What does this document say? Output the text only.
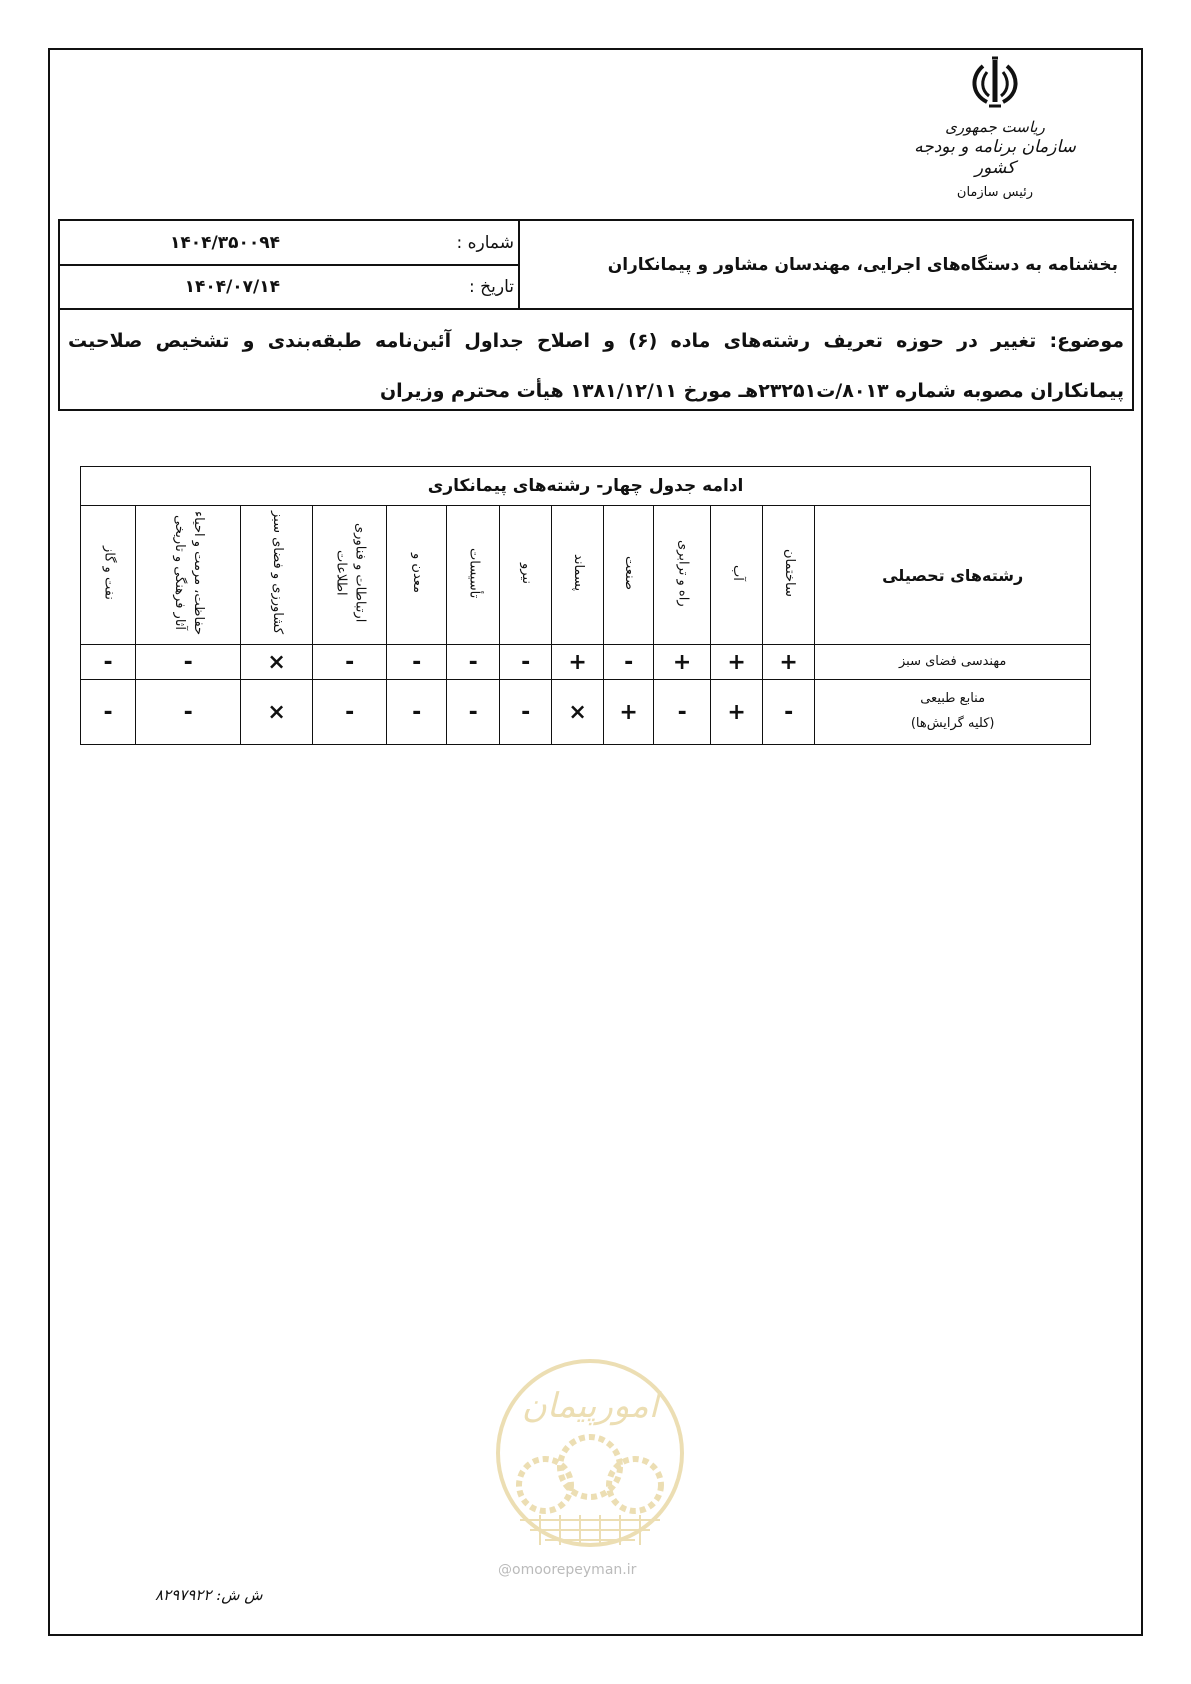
ریاست جمهوری
سازمان برنامه و بودجه کشور
رئیس سازمان
بخشنامه به دستگاه‌های اجرایی، مهندسان مشاور و پیمانکاران
شماره :
۱۴۰۴/۳۵۰۰۹۴
تاریخ :
۱۴۰۴/۰۷/۱۴
موضوع: تغییر در حوزه تعریف رشته‌های ماده (۶) و اصلاح جداول آئین‌نامه طبقه‌بندی و تشخیص صلاحیت پیمانکاران مصوبه شماره ۸۰۱۳/ت۲۳۲۵۱هـ مورخ ۱۳۸۱/۱۲/۱۱ هیأت محترم وزیران
ادامه جدول چهار- رشته‌های پیمانکاری												
رشته‌های تحصیلی	ساختمان	آب	راه و ترابری	صنعت	پسماند	نیرو	تأسیسات	معدن و	ارتباطات و فناوری اطلاعات	کشاورزی و فضای سبز	حفاظت، مرمت و احیاء آثار فرهنگی و تاریخی	نفت و گاز
مهندسی فضای سبز	+	+	+	-	+	-	-	-	-	×	-	-

منابع طبیعی
(کلیه گرایش‌ها)	-	+	-	+	×	-	-	-	-	×	-	-
امورپیمان
@omoorepeyman.ir
ش ش: ۸۲۹۷۹۲۲
